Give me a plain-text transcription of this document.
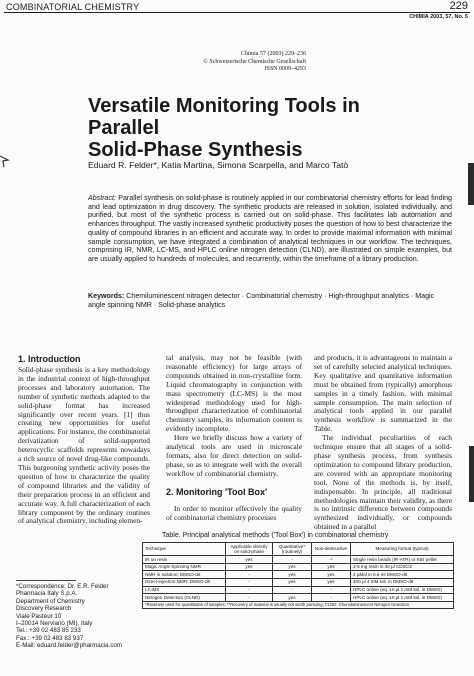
COMBINATORIAL CHEMISTRY	229
CHIMIA 2003, 57, No. 5
Chimia 57 (2003) 229–236
© Schweizerische Chemische Gesellschaft
ISSN 0009–4293
Versatile Monitoring Tools in Parallel
Solid-Phase Synthesis
Eduard R. Felder*, Katia Martina, Simona Scarpella, and Marco Tatò
Abstract: Parallel synthesis on solid-phase is routinely applied in our combinatorial chemistry efforts for lead finding and lead optimization in drug discovery. The synthetic products are released in solution, isolated individually, and purified, but most of the synthetic process is carried out on solid-phase. This facilitates lab automation and enhances throughput. The vastly increased synthetic productivity poses the question of how to best characterize the quality of compound libraries in an efficient and accurate way. In order to provide maximal information with minimal sample consumption, we have integrated a combination of analytical techniques in our workflow. The techniques, comprising IR, NMR, LC-MS, and HPLC online nitrogen detection (CLND), are illustrated on simple examples, but are usually applied to hundreds of molecules, and recurrently, within the timeframe of a library production.
Keywords: Chemiluminescent nitrogen detector · Combinatorial chemistry · High-throughput analytics · Magic angle spinning NMR · Solid-phase analytics
1. Introduction
Solid-phase synthesis is a key methodology in the industrial context of high-throughput processes and laboratory automation. The number of synthetic methods adapted to the solid-phase format has increased significantly over recent years. [1] thus creating new opportunities for useful applications. For instance, the combinatorial derivatization of solid-supported heterocyclic scaffolds represents nowadays a rich source of novel drug-like compounds. This burgeoning synthetic activity poses the question of how to characterize the quality of compound libraries and the validity of their preparation process in an efficient and accurate way. A full characterization of each library component by the ordinary routines of analytical chemistry, including elemen-
tal analysis, may not be feasible (with reasonable efficiency) for large arrays of compounds obtained in non-crystalline form. Liquid chromatography in conjunction with mass spectrometry (LC-MS) is the most widespread methodology used for high-throughput characterization of combinatorial chemistry samples, its information content is evidently incomplete.
Here we briefly discuss how a variety of analytical tools are used in microscale formats, also for direct detection on solid-phase, so as to integrate well with the overall workflow of combinatorial chemistry.
2. Monitoring 'Tool Box'
In order to monitor effectively the quality of combinatorial chemistry processes
and products, it is advantageous to maintain a set of carefully selected analytical techniques. Key qualitative and quantitative information must be obtained from (typically) amorphous samples in a timely fashion, with minimal sample consumption. The main selection of analytical tools applied in our parallel synthesis workflow is summarized in the Table.
The individual peculiarities of each technique ensure that all stages of a solid-phase synthesis process, from synthesis optimization to compound library production, are covered with an appropriate monitoring tool. None of the methods is, by itself, indispensable. In principle, all traditional methodologies maintain their validity, as there is no intrinsic difference between compounds synthesized individually, or compounds obtained in a parallel
*Correspondence: Dr. E.R. Felder
Pharmacia Italy S.p.A.
Department of Chemistry
Discovery Research
Viale Pasteur 10
I–20014 Nerviano (MI), Italy
Tel.: +39 02 483 85 233
Fax.: +39 02 483 83 937
E-Mail: eduard.felder@pharmacia.com
Table. Principal analytical methods ('Tool Box') in combinatorial chemistry
Technique	Applicable directly on solid-phase	Quantitative* (routinely)	Non-destructive	Measuring format (typical)
IR on resin	yes	-	-*	Single resin beads (IR-ATR) or KBr pellet
Magic Angle Spinning NMR	yes	yes	yes	1-5 mg resin in 40 µl CD2Cl2
NMR in solution; DMSO-d6	-	yes	yes	2 µMol in 0.5 ml DMSO-d6
Direct-injection NMR: DMSO-d6	-	yes	yes	400 µl 4 mM sol. in DMSO-d6
LC-MS	-	-	-	HPLC online (eq. 10 µl 1 mM sol. in DMSO)
Nitrogen Detection (CLND)	-	yes	-	HPLC online (eq. 10 µl 1 mM sol. in DMSO)
*Routinely used for quantitation of samples; **Recovery of material is usually not worth pursuing; CLND: Chemiluminescent Nitrogen Detection				
